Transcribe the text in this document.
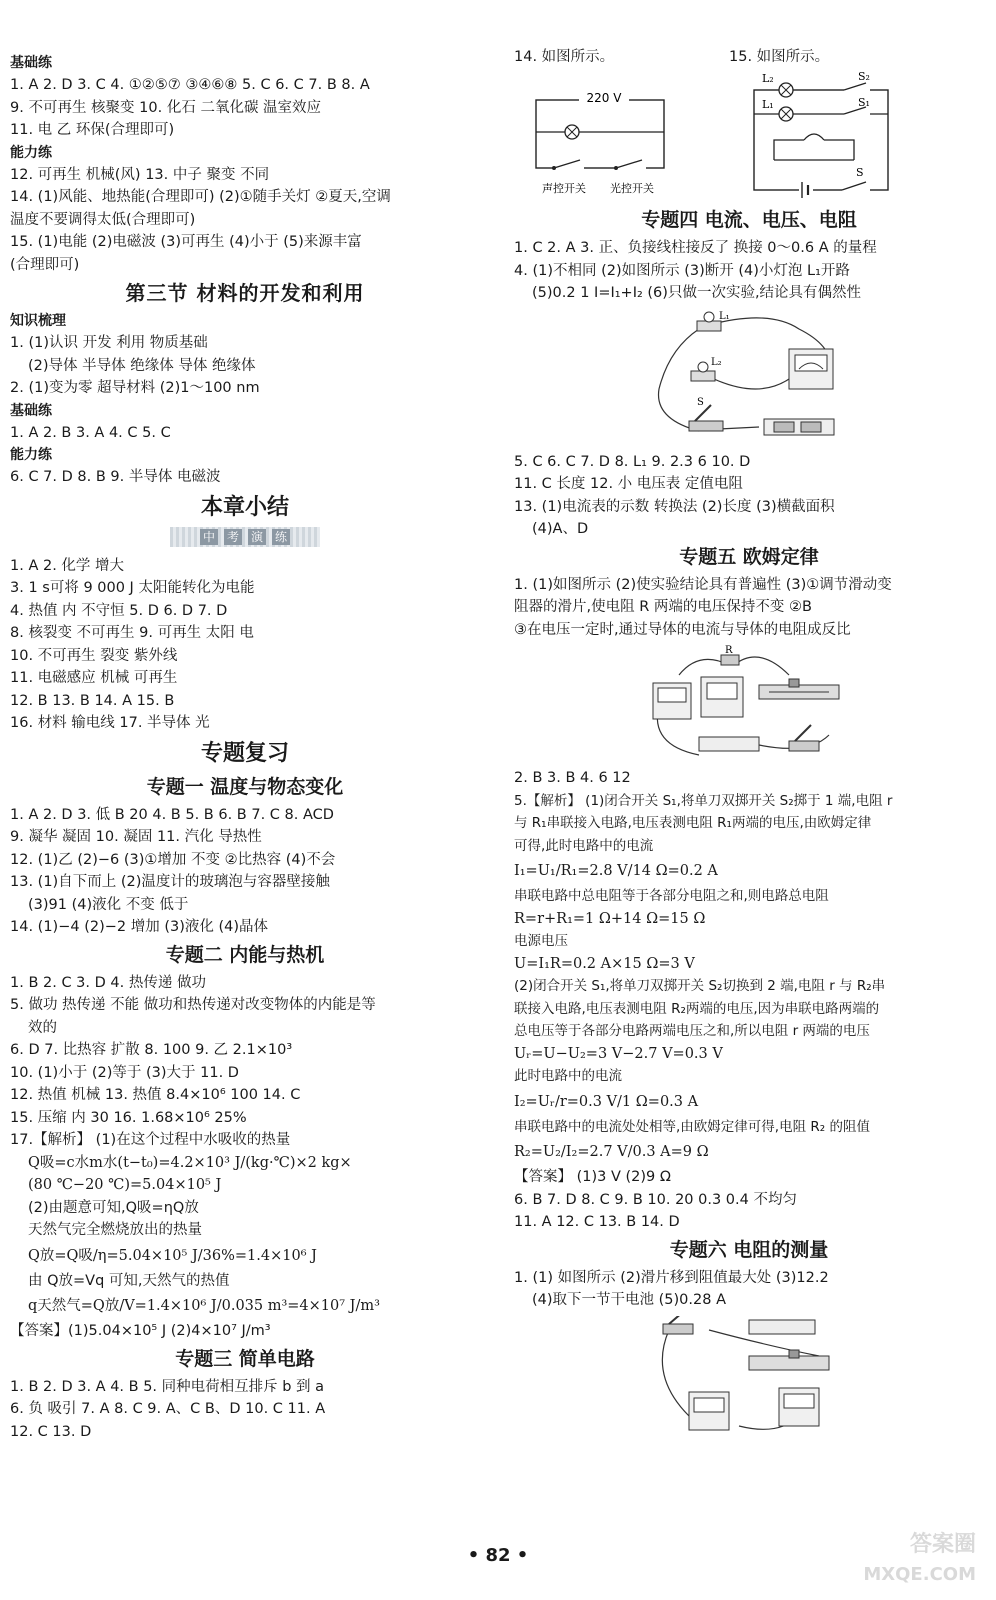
基础练
1. A 2. D 3. C 4. ①②⑤⑦ ③④⑥⑧ 5. C 6. C 7. B 8. A
9. 不可再生 核聚变 10. 化石 二氧化碳 温室效应
11. 电 乙 环保(合理即可)
能力练
12. 可再生 机械(风) 13. 中子 聚变 不同
14. (1)风能、地热能(合理即可) (2)①随手关灯 ②夏天,空调
温度不要调得太低(合理即可)
15. (1)电能 (2)电磁波 (3)可再生 (4)小于 (5)来源丰富
(合理即可)
第三节 材料的开发和利用
知识梳理
1. (1)认识 开发 利用 物质基础
(2)导体 半导体 绝缘体 导体 绝缘体
2. (1)变为零 超导材料 (2)1～100 nm
基础练
1. A 2. B 3. A 4. C 5. C
能力练
6. C 7. D 8. B 9. 半导体 电磁波
本章小结
中 考 演 练
1. A 2. 化学 增大
3. 1 s可将 9 000 J 太阳能转化为电能
4. 热值 内 不守恒 5. D 6. D 7. D
8. 核裂变 不可再生 9. 可再生 太阳 电
10. 不可再生 裂变 紫外线
11. 电磁感应 机械 可再生
12. B 13. B 14. A 15. B
16. 材料 输电线 17. 半导体 光
专题复习
专题一 温度与物态变化
1. A 2. D 3. 低 B 20 4. B 5. B 6. B 7. C 8. ACD
9. 凝华 凝固 10. 凝固 11. 汽化 导热性
12. (1)乙 (2)−6 (3)①增加 不变 ②比热容 (4)不会
13. (1)自下而上 (2)温度计的玻璃泡与容器壁接触
(3)91 (4)液化 不变 低于
14. (1)−4 (2)−2 增加 (3)液化 (4)晶体
专题二 内能与热机
1. B 2. C 3. D 4. 热传递 做功
5. 做功 热传递 不能 做功和热传递对改变物体的内能是等
效的
6. D 7. 比热容 扩散 8. 100 9. 乙 2.1×10³
10. (1)小于 (2)等于 (3)大于 11. D
12. 热值 机械 13. 热值 8.4×10⁶ 100 14. C
15. 压缩 内 30 16. 1.68×10⁶ 25%
17.【解析】 (1)在这个过程中水吸收的热量
Q吸=c水m水(t−t₀)=4.2×10³ J/(kg·℃)×2 kg×
(80 ℃−20 ℃)=5.04×10⁵ J
(2)由题意可知,Q吸=ηQ放
天然气完全燃烧放出的热量
Q放=Q吸/η=5.04×10⁵ J/36%=1.4×10⁶ J
由 Q放=Vq 可知,天然气的热值
q天然气=Q放/V=1.4×10⁶ J/0.035 m³=4×10⁷ J/m³
【答案】(1)5.04×10⁵ J (2)4×10⁷ J/m³
专题三 简单电路
1. B 2. D 3. A 4. B 5. 同种电荷相互排斥 b 到 a
6. 负 吸引 7. A 8. C 9. A、C B、D 10. C 11. A
12. C 13. D
14. 如图所示。	15. 如图所示。
220 V
声控开关 光控开关
L₂
L₁
S₂
S₁
S
专题四 电流、电压、电阻
1. C 2. A 3. 正、负接线柱接反了 换接 0～0.6 A 的量程
4. (1)不相同 (2)如图所示 (3)断开 (4)小灯泡 L₁开路
(5)0.2 1 I=I₁+I₂ (6)只做一次实验,结论具有偶然性
L₁
L₂
S
5. C 6. C 7. D 8. L₁ 9. 2.3 6 10. D
11. C 长度 12. 小 电压表 定值电阻
13. (1)电流表的示数 转换法 (2)长度 (3)横截面积
(4)A、D
专题五 欧姆定律
1. (1)如图所示 (2)使实验结论具有普遍性 (3)①调节滑动变
阻器的滑片,使电阻 R 两端的电压保持不变 ②B
③在电压一定时,通过导体的电流与导体的电阻成反比
R
2. B 3. B 4. 6 12
5.【解析】 (1)闭合开关 S₁,将单刀双掷开关 S₂掷于 1 端,电阻 r
与 R₁串联接入电路,电压表测电阻 R₁两端的电压,由欧姆定律
可得,此时电路中的电流
I₁=U₁/R₁=2.8 V/14 Ω=0.2 A
串联电路中总电阻等于各部分电阻之和,则电路总电阻
R=r+R₁=1 Ω+14 Ω=15 Ω
电源电压
U=I₁R=0.2 A×15 Ω=3 V
(2)闭合开关 S₁,将单刀双掷开关 S₂切换到 2 端,电阻 r 与 R₂串
联接入电路,电压表测电阻 R₂两端的电压,因为串联电路两端的
总电压等于各部分电路两端电压之和,所以电阻 r 两端的电压
Uᵣ=U−U₂=3 V−2.7 V=0.3 V
此时电路中的电流
I₂=Uᵣ/r=0.3 V/1 Ω=0.3 A
串联电路中的电流处处相等,由欧姆定律可得,电阻 R₂ 的阻值
R₂=U₂/I₂=2.7 V/0.3 A=9 Ω
【答案】 (1)3 V (2)9 Ω
6. B 7. D 8. C 9. B 10. 20 0.3 0.4 不均匀
11. A 12. C 13. B 14. D
专题六 电阻的测量
1. (1) 如图所示 (2)滑片移到阻值最大处 (3)12.2
(4)取下一节干电池 (5)0.28 A
• 82 •	答案圈
MXQE.COM
